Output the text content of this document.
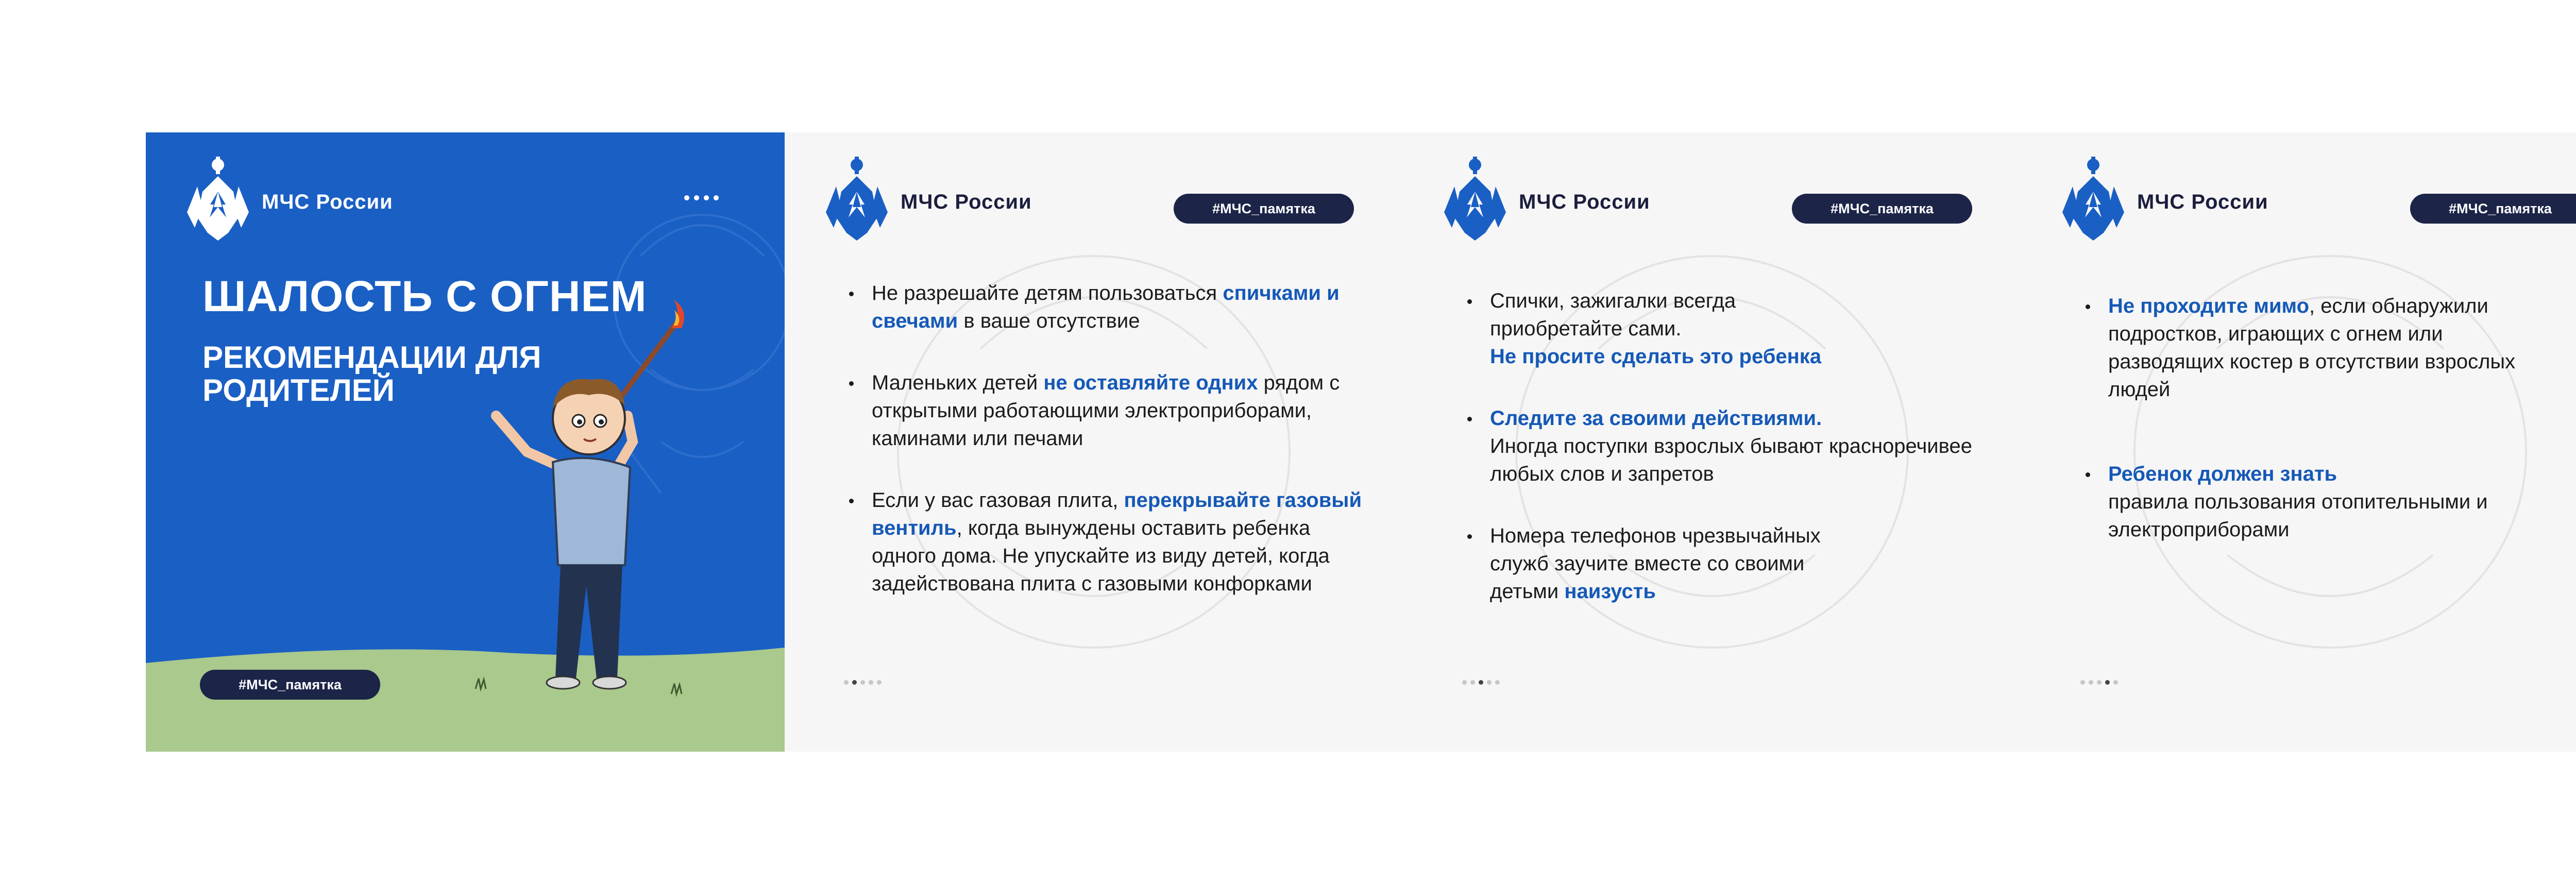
МЧС России
ШАЛОСТЬ С ОГНЕМ
РЕКОМЕНДАЦИИ ДЛЯ РОДИТЕЛЕЙ
#МЧС_памятка
МЧС России	#МЧС_памятка
Не разрешайте детям пользоваться спичками и свечами в ваше отсутствие
Маленьких детей не оставляйте одних рядом с открытыми работающими электроприборами, каминами или печами
Если у вас газовая плита, перекрывайте газовый вентиль, когда вынуждены оставить ребенка одного дома. Не упускайте из виду детей, когда задействована плита с газовыми конфорками
МЧС России	#МЧС_памятка
Спички, зажигалки всегда приобретайте сами.
Не просите сделать это ребенка
Следите за своими действиями.
Иногда поступки взрослых бывают красноречивее любых слов и запретов
Номера телефонов чрезвычайных служб заучите вместе со своими детьми наизусть
МЧС России	#МЧС_памятка
Не проходите мимо, если обнаружили подростков, играющих с огнем или разводящих костер в отсутствии взрослых людей
Ребенок должен знать
правила пользования отопительными и электроприборами
